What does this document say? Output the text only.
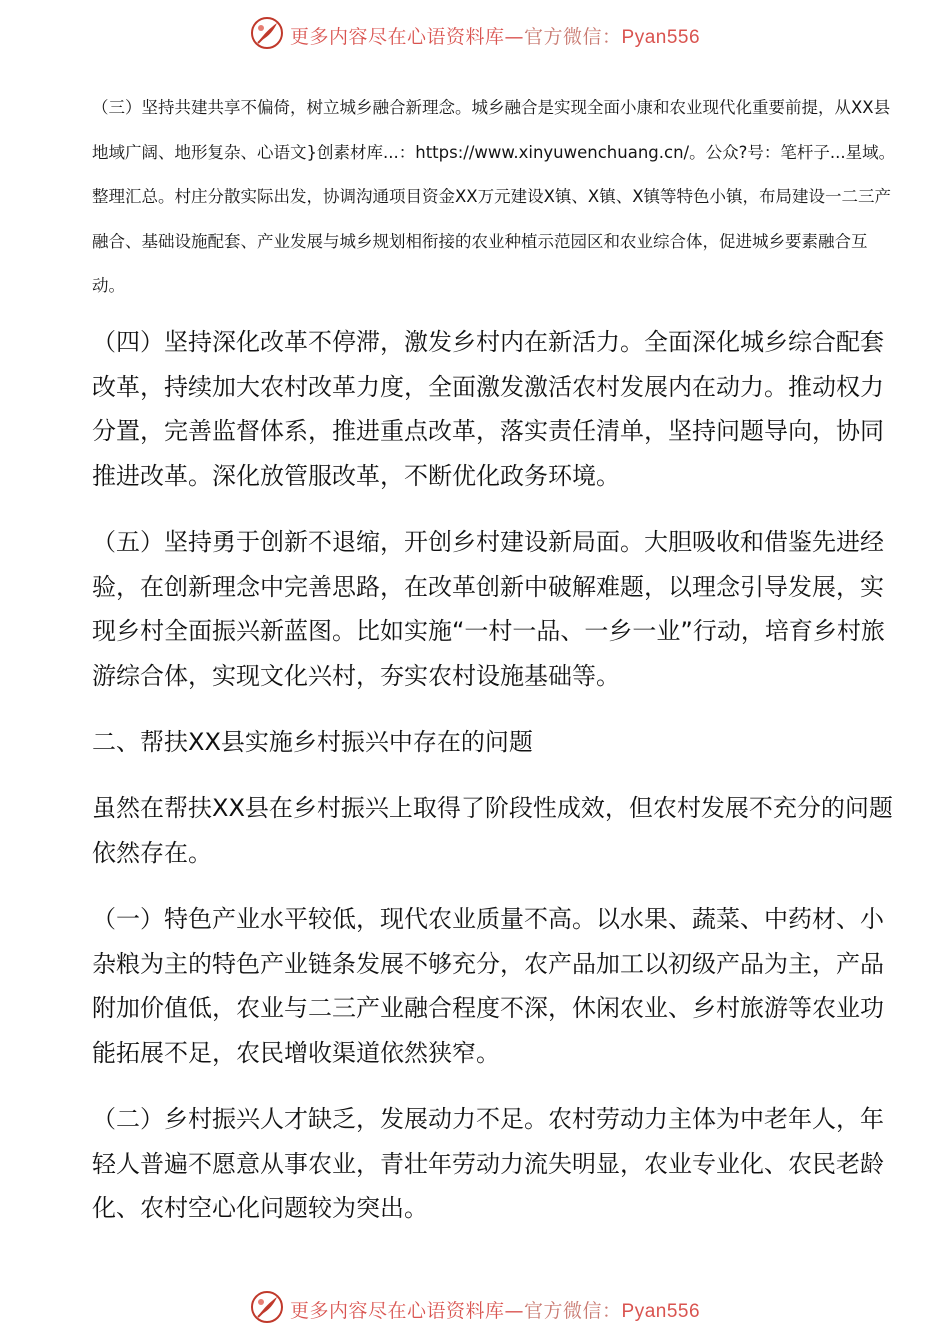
更多内容尽在心语资料库—官方微信：Pyan556

（三）坚持共建共享不偏倚，树立城乡融合新理念。城乡融合是实现全面小康和农业现代化重要前提，从XX县地域广阔、地形复杂、心语文}创素材库...：https://www.xinyuwenchuang.cn/。公众?号：笔杆子...星域。整理汇总。村庄分散实际出发，协调沟通项目资金XX万元建设X镇、X镇、X镇等特色小镇，布局建设一二三产融合、基础设施配套、产业发展与城乡规划相衔接的农业种植示范园区和农业综合体，促进城乡要素融合互动。

（四）坚持深化改革不停滞，激发乡村内在新活力。全面深化城乡综合配套改革，持续加大农村改革力度，全面激发激活农村发展内在动力。推动权力分置，完善监督体系，推进重点改革，落实责任清单，坚持问题导向，协同推进改革。深化放管服改革，不断优化政务环境。

（五）坚持勇于创新不退缩，开创乡村建设新局面。大胆吸收和借鉴先进经验，在创新理念中完善思路，在改革创新中破解难题，以理念引导发展，实现乡村全面振兴新蓝图。比如实施“一村一品、一乡一业”行动，培育乡村旅游综合体，实现文化兴村，夯实农村设施基础等。

二、帮扶XX县实施乡村振兴中存在的问题

虽然在帮扶XX县在乡村振兴上取得了阶段性成效，但农村发展不充分的问题依然存在。

（一）特色产业水平较低，现代农业质量不高。以水果、蔬菜、中药材、小杂粮为主的特色产业链条发展不够充分，农产品加工以初级产品为主，产品附加价值低，农业与二三产业融合程度不深，休闲农业、乡村旅游等农业功能拓展不足，农民增收渠道依然狭窄。

（二）乡村振兴人才缺乏，发展动力不足。农村劳动力主体为中老年人，年轻人普遍不愿意从事农业，青壮年劳动力流失明显，农业专业化、农民老龄化、农村空心化问题较为突出。

更多内容尽在心语资料库—官方微信：Pyan556
